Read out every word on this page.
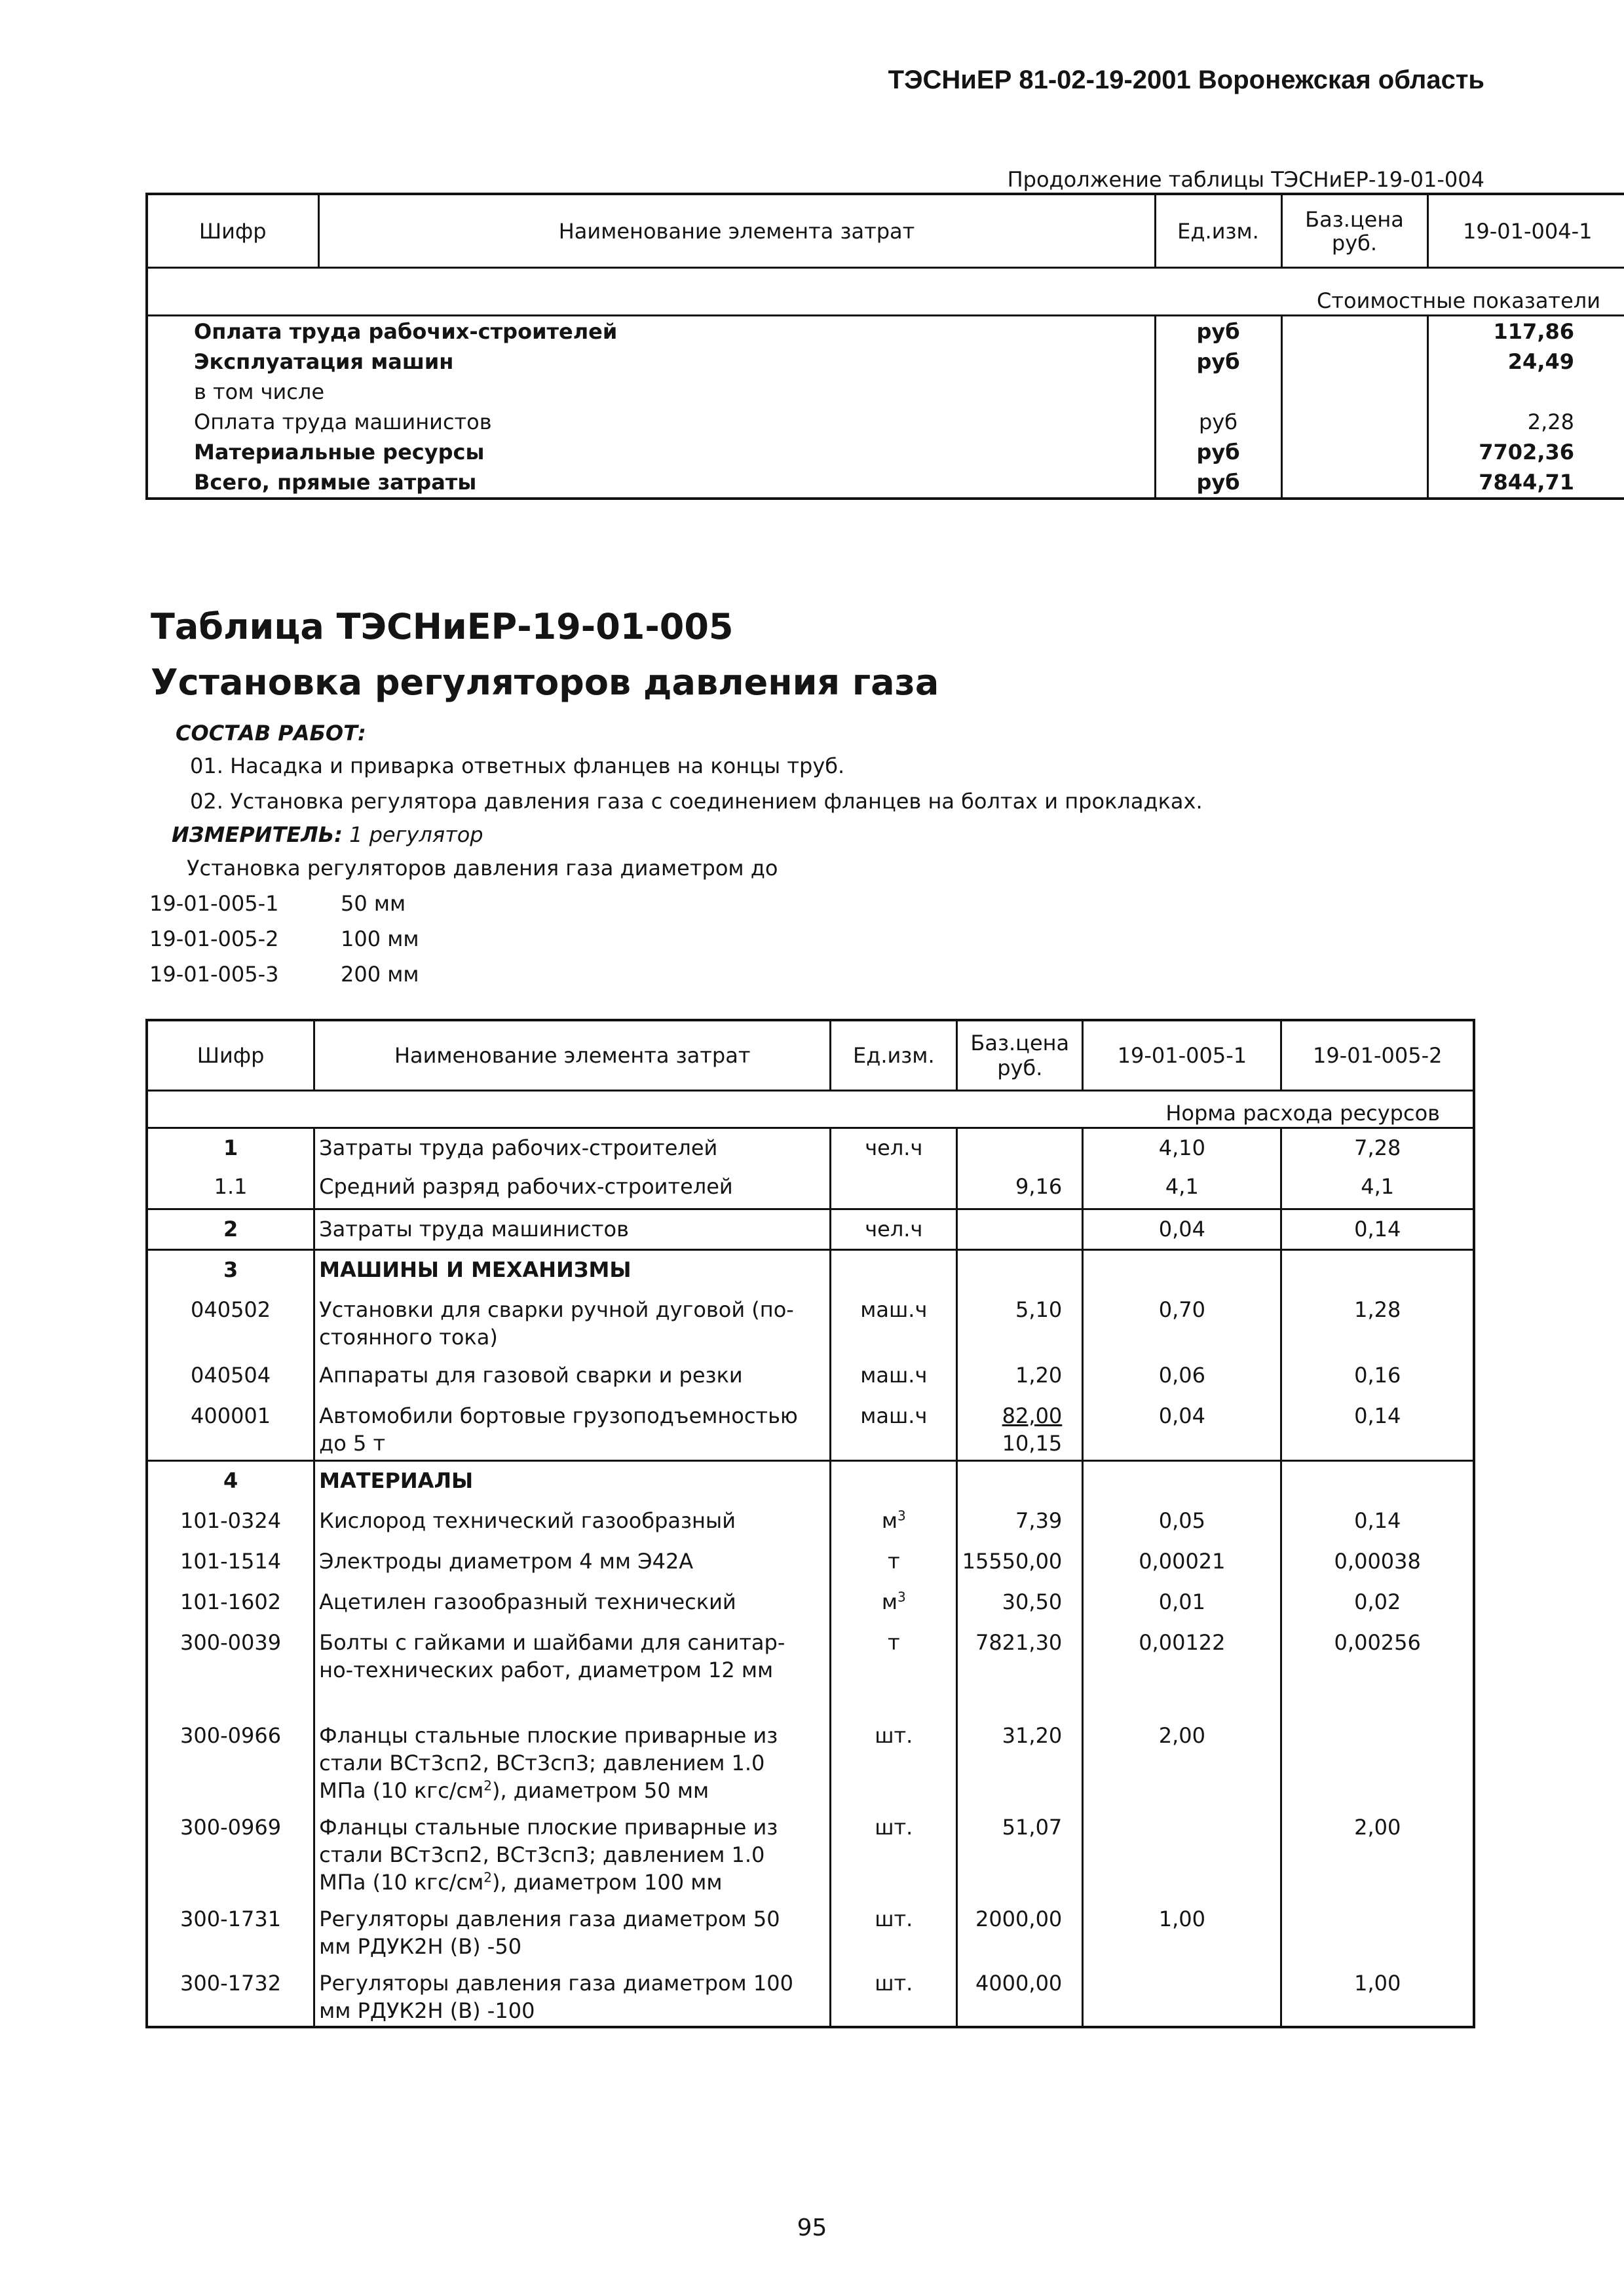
ТЭСНиЕР 81-02-19-2001 Воронежская область
Продолжение таблицы ТЭСНиЕР-19-01-004
Шифр	Наименование элемента затрат	Ед.изм.	Баз.цена
руб.	19-01-004-1
Стоимостные показатели				
Оплата труда рабочих-строителей		руб		117,86
Эксплуатация машин		руб		24,49
в том числе				
Оплата труда машинистов		руб		2,28
Материальные ресурсы		руб		7702,36
Всего, прямые затраты		руб		7844,71
Таблица ТЭСНиЕР-19-01-005
Установка регуляторов давления газа
СОСТАВ РАБОТ:
01. Насадка и приварка ответных фланцев на концы труб.
02. Установка регулятора давления газа с соединением фланцев на болтах и прокладках.
ИЗМЕРИТЕЛЬ: 1 регулятор
Установка регуляторов давления газа диаметром до
19-01-005-1	50 мм
19-01-005-2	100 мм
19-01-005-3	200 мм
Шифр	Наименование элемента затрат	Ед.изм.	Баз.цена
руб.	19-01-005-1	19-01-005-2
Норма расхода ресурсов					
1	Затраты труда рабочих-строителей	чел.ч		4,10	7,28
1.1	Средний разряд рабочих-строителей		9,16	4,1	4,1
2	Затраты труда машинистов	чел.ч		0,04	0,14
3	МАШИНЫ И МЕХАНИЗМЫ				
040502	Установки для сварки ручной дуговой (по-
стоянного тока)	маш.ч	5,10	0,70	1,28
040504	Аппараты для газовой сварки и резки	маш.ч	1,20	0,06	0,16
400001	Автомобили бортовые грузоподъемностью
до 5 т	маш.ч	82,00
10,15	0,04	0,14
4	МАТЕРИАЛЫ				
101-0324	Кислород технический газообразный	$м^3$	7,39	0,05	0,14
101-1514	Электроды диаметром 4 мм Э42А	т	15550,00	0,00021	0,00038
101-1602	Ацетилен газообразный технический	$м^3$	30,50	0,01	0,02
300-0039	Болты с гайками и шайбами для санитар-
но-технических работ, диаметром 12 мм	т	7821,30	0,00122	0,00256
300-0966	Фланцы стальные плоские приварные из
стали ВСт3сп2, ВСт3сп3; давлением 1.0
МПа (10 кгс/$см^2$), диаметром 50 мм	шт.	31,20	2,00	
300-0969	Фланцы стальные плоские приварные из
стали ВСт3сп2, ВСт3сп3; давлением 1.0
МПа (10 кгс/$см^2$), диаметром 100 мм	шт.	51,07		2,00
300-1731	Регуляторы давления газа диаметром 50
мм РДУК2Н (В) -50	шт.	2000,00	1,00	
300-1732	Регуляторы давления газа диаметром 100
мм РДУК2Н (В) -100	шт.	4000,00		1,00
95
